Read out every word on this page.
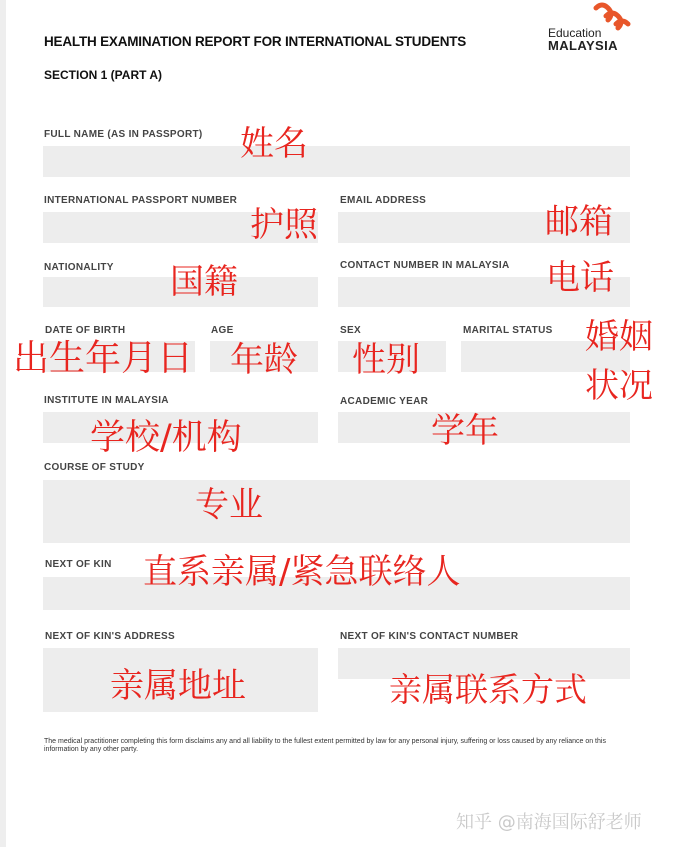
HEALTH EXAMINATION REPORT FOR INTERNATIONAL STUDENTS
SECTION 1 (PART A)
Education
MALAYSIA
FULL NAME (AS IN PASSPORT)
INTERNATIONAL PASSPORT NUMBER	EMAIL ADDRESS
NATIONALITY	CONTACT NUMBER IN MALAYSIA
DATE OF BIRTH	AGE	SEX	MARITAL STATUS
INSTITUTE IN MALAYSIA	ACADEMIC YEAR
COURSE OF STUDY
NEXT OF KIN
NEXT OF KIN'S ADDRESS	NEXT OF KIN'S CONTACT NUMBER
The medical practitioner completing this form disclaims any and all liability to the fullest extent permitted by law for any personal injury, suffering or loss caused by any reliance on this information by any other party.
姓名
护照	邮箱
国籍	电话
出生年月日 年龄 性别
婚姻
状况
学校/机构	学年
专业
直系亲属/紧急联络人
亲属地址	亲属联系方式
知乎 @南海国际舒老师
